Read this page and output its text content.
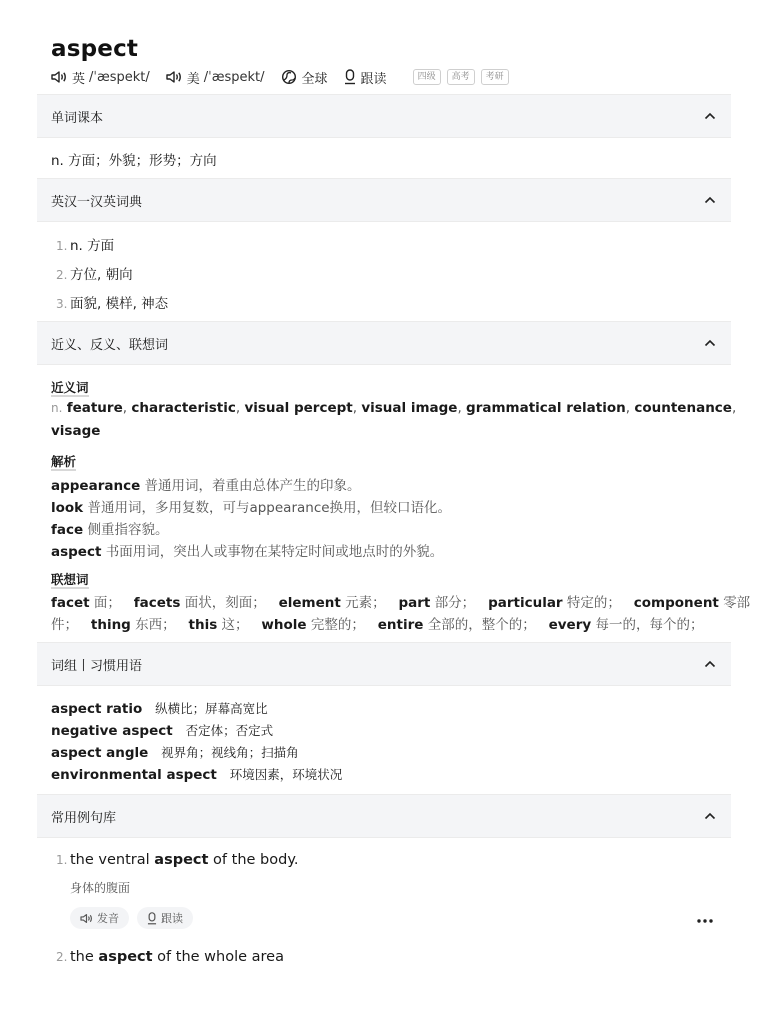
aspect
英 /ˈæspekt/	美 /ˈæspekt/	全球	跟读	四级	高考	考研
单词课本
n. 方面；外貌；形势；方向
英汉一汉英词典
1. n. 方面
2. 方位, 朝向
3. 面貌, 模样, 神态
近义、反义、联想词
近义词
n. feature, characteristic, visual percept, visual image, grammatical relation, countenance,
visage
解析
appearance 普通用词，着重由总体产生的印象。
look 普通用词，多用复数，可与appearance换用，但较口语化。
face 侧重指容貌。
aspect 书面用词，突出人或事物在某特定时间或地点时的外貌。
联想词
facet 面； facets 面状，刻面； element 元素； part 部分； particular 特定的； component 零部
件； thing 东西； this 这； whole 完整的； entire 全部的，整个的； every 每一的，每个的；
词组丨习惯用语
aspect ratio 纵横比；屏幕高宽比
negative aspect 否定体；否定式
aspect angle 视界角；视线角；扫描角
environmental aspect 环境因素，环境状况
常用例句库
1. the ventral aspect of the body.
身体的腹面
发音	跟读
2. the aspect of the whole area
